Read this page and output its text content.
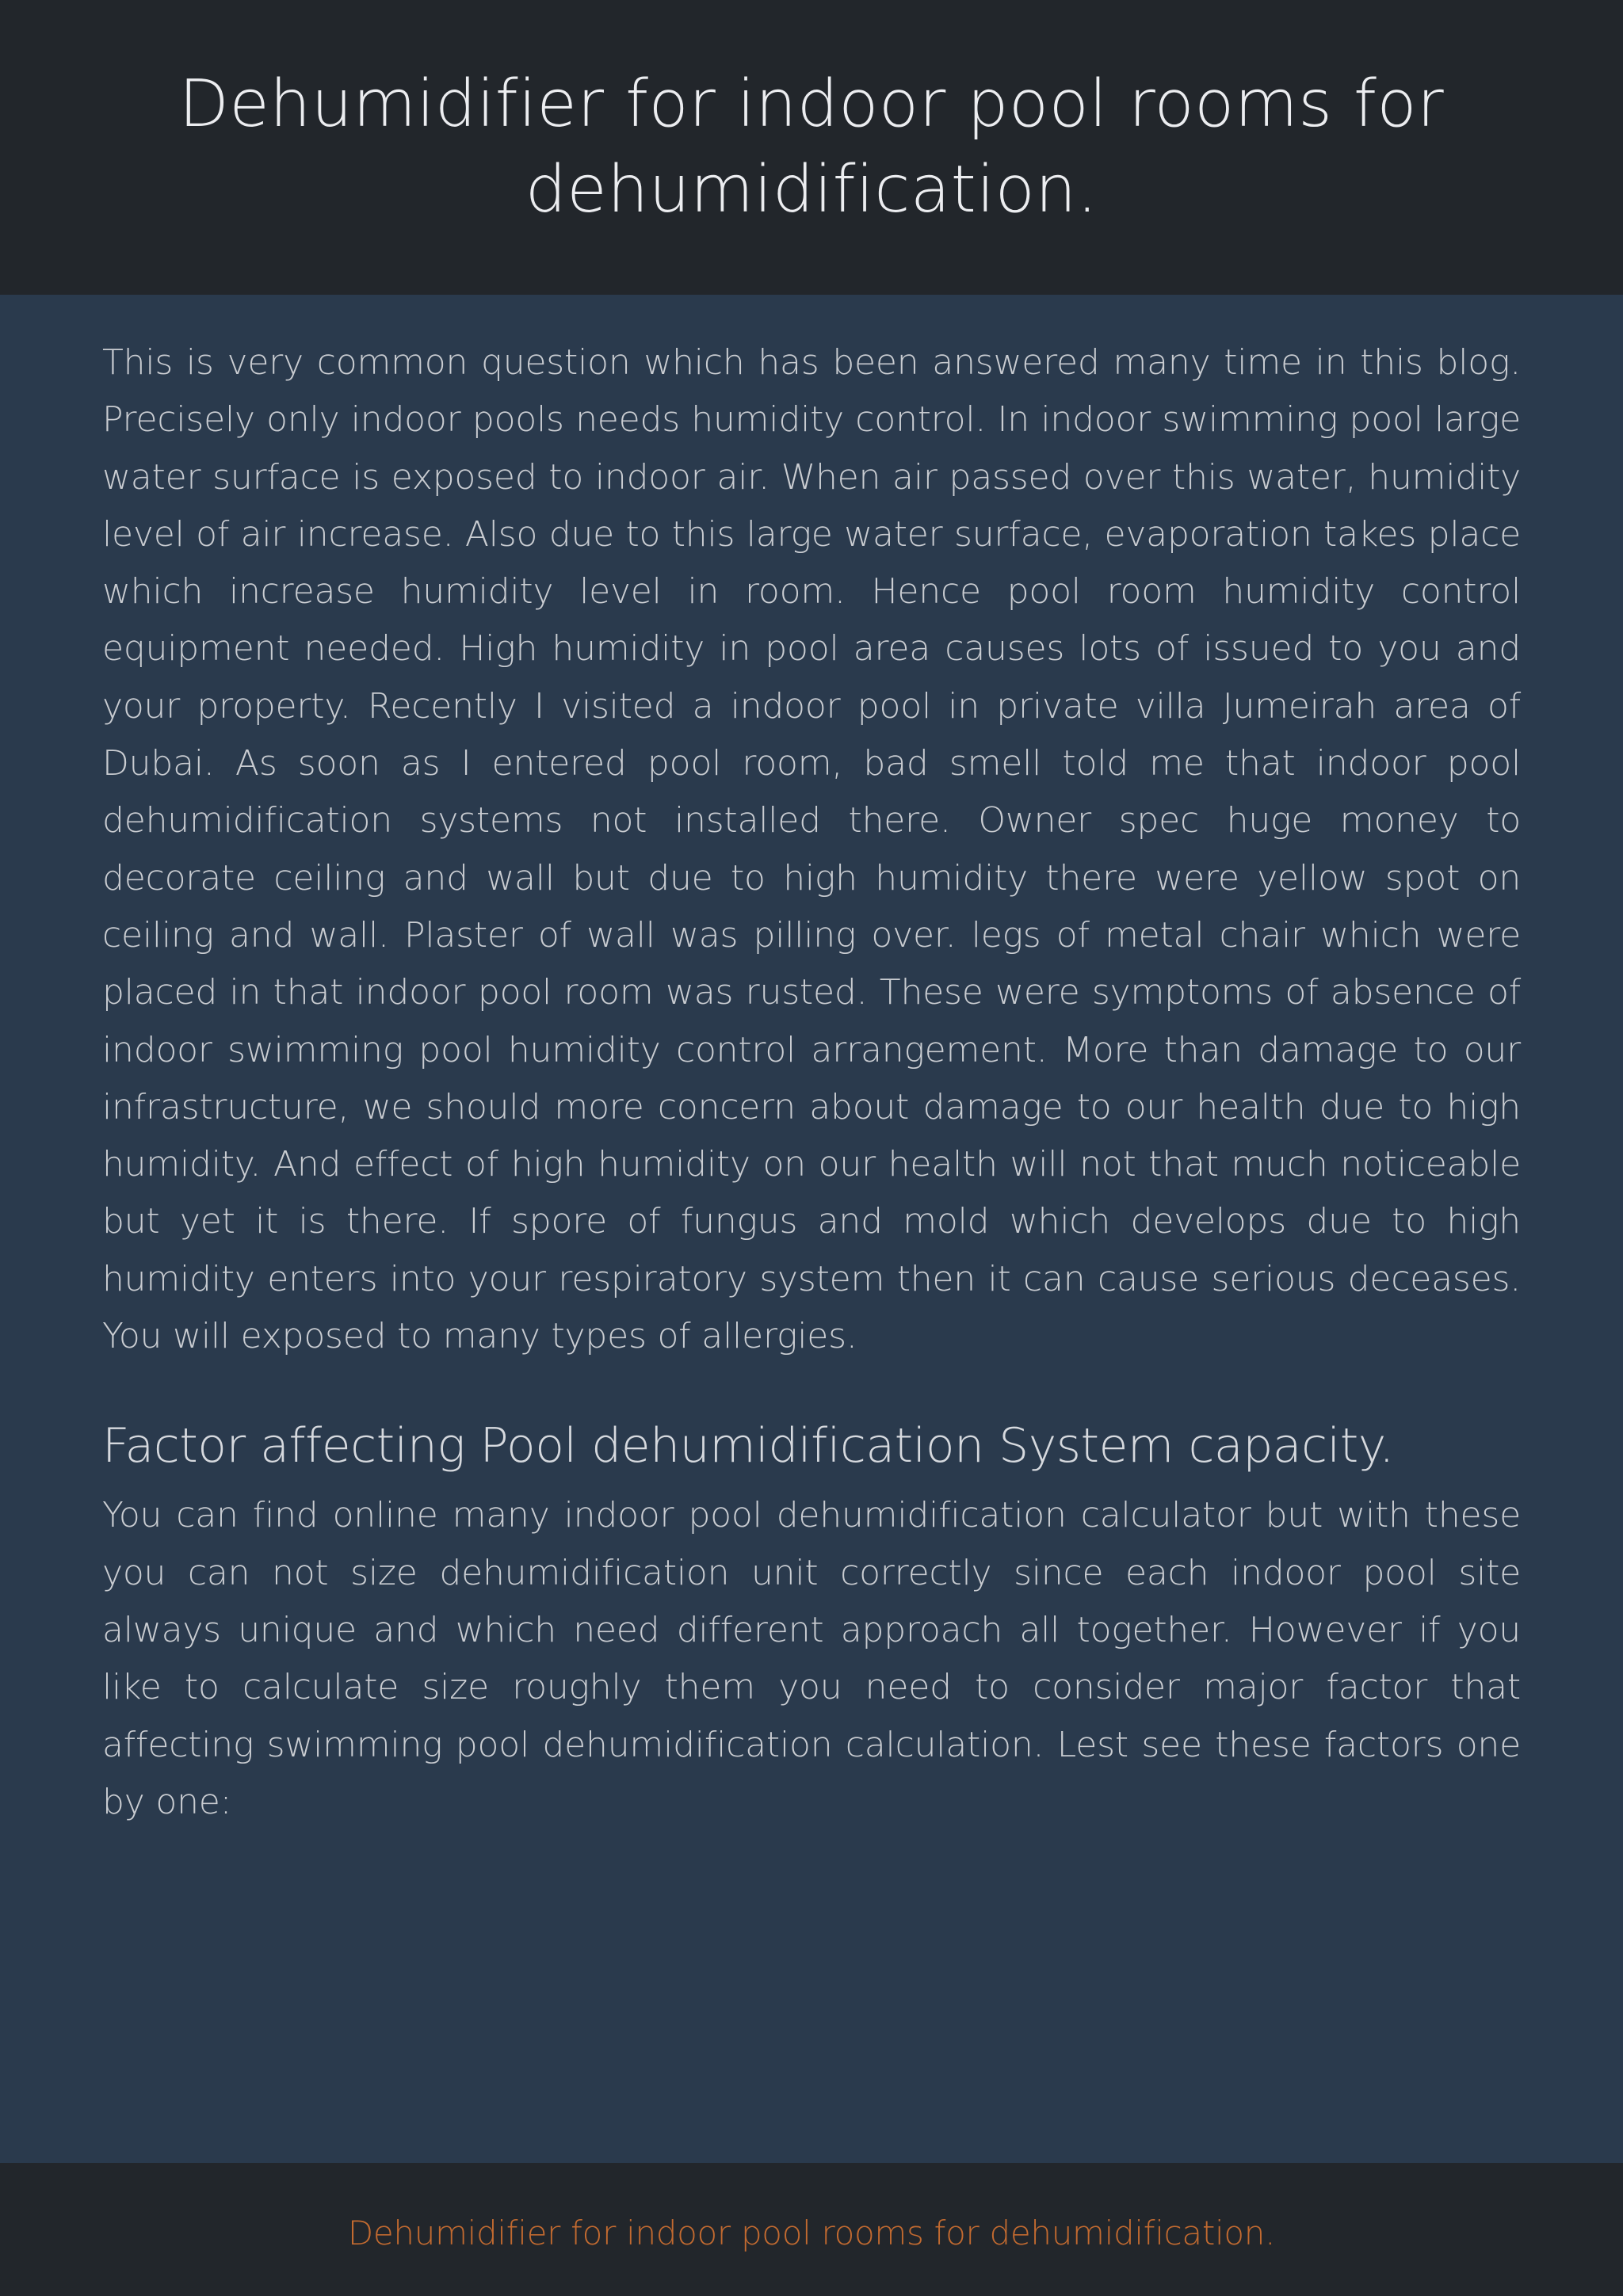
Dehumidifier for indoor pool rooms for dehumidification.

This is very common question which has been answered many time in this blog. Precisely only indoor pools needs humidity control. In indoor swimming pool large water surface is exposed to indoor air. When air passed over this water, humidity level of air increase. Also due to this large water surface, evaporation takes place which increase humidity level in room. Hence pool room humidity control equipment needed. High humidity in pool area causes lots of issued to you and your property. Recently I visited a indoor pool in private villa Jumeirah area of Dubai. As soon as I entered pool room, bad smell told me that indoor pool dehumidification systems not installed there. Owner spec huge money to decorate ceiling and wall but due to high humidity there were yellow spot on ceiling and wall. Plaster of wall was pilling over. legs of metal chair which were placed in that indoor pool room was rusted. These were symptoms of absence of indoor swimming pool humidity control arrangement. More than damage to our infrastructure, we should more concern about damage to our health due to high humidity. And effect of high humidity on our health will not that much noticeable but yet it is there. If spore of fungus and mold which develops due to high humidity enters into your respiratory system then it can cause serious deceases. You will exposed to many types of allergies.

Factor affecting Pool dehumidification System capacity.

You can find online many indoor pool dehumidification calculator but with these you can not size dehumidification unit correctly since each indoor pool site always unique and which need different approach all together. However if you like to calculate size roughly them you need to consider major factor that affecting swimming pool dehumidification calculation. Lest see these factors one by one:

Dehumidifier for indoor pool rooms for dehumidification.
